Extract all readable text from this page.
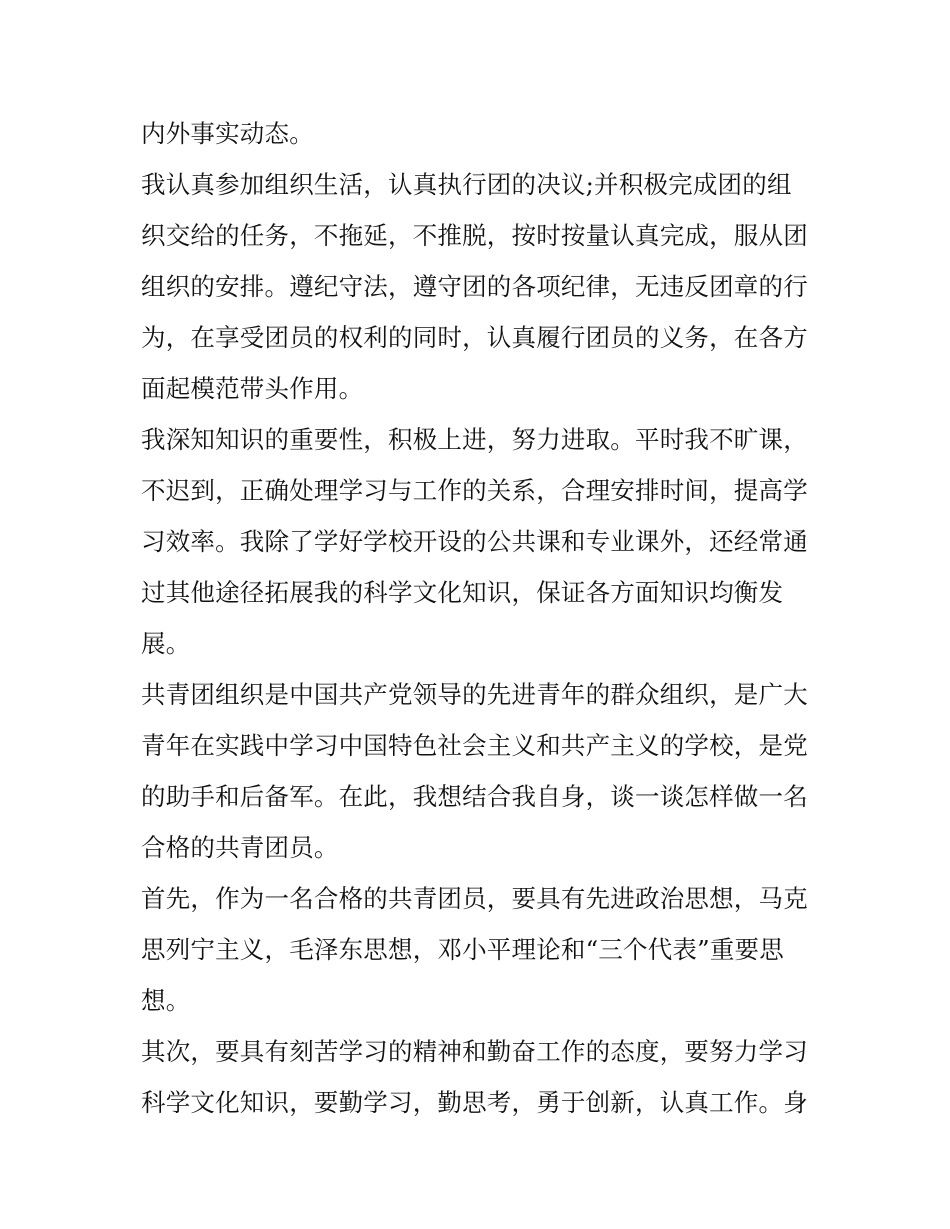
内外事实动态。
我认真参加组织生活，认真执行团的决议;并积极完成团的组
织交给的任务，不拖延，不推脱，按时按量认真完成，服从团
组织的安排。遵纪守法，遵守团的各项纪律，无违反团章的行
为，在享受团员的权利的同时，认真履行团员的义务，在各方
面起模范带头作用。
我深知知识的重要性，积极上进，努力进取。平时我不旷课，
不迟到，正确处理学习与工作的关系，合理安排时间，提高学
习效率。我除了学好学校开设的公共课和专业课外，还经常通
过其他途径拓展我的科学文化知识，保证各方面知识均衡发
展。
共青团组织是中国共产党领导的先进青年的群众组织，是广大
青年在实践中学习中国特色社会主义和共产主义的学校，是党
的助手和后备军。在此，我想结合我自身，谈一谈怎样做一名
合格的共青团员。
首先，作为一名合格的共青团员，要具有先进政治思想，马克
思列宁主义，毛泽东思想，邓小平理论和“三个代表”重要思
想。
其次，要具有刻苦学习的精神和勤奋工作的态度，要努力学习
科学文化知识，要勤学习，勤思考，勇于创新，认真工作。身
